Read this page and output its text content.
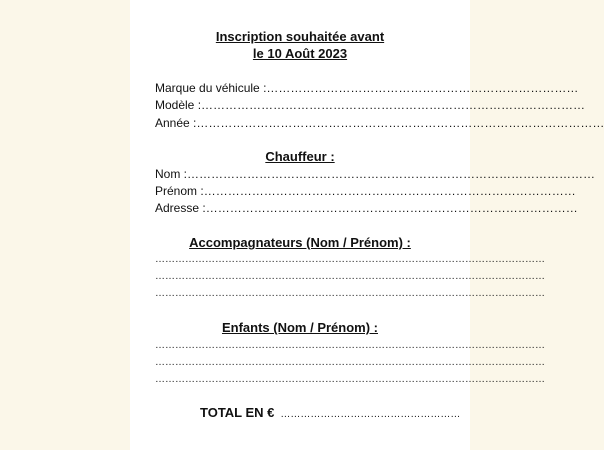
Inscription souhaitée avant
le 10 Août 2023
Marque du véhicule :……………………………………………………………………
Modèle :……………………………………………………………………………………
Année :…………………………………………………………………………………………
Chauffeur :
Nom :…………………………………………………………………………………………
Prénom :…………………………………………………………………………………
Adresse :…………………………………………………………………………………
Accompagnateurs (Nom / Prénom) :
………………………………………………………………………………………………………
………………………………………………………………………………………………………
………………………………………………………………………………………………………
Enfants (Nom / Prénom) :
………………………………………………………………………………………………………
………………………………………………………………………………………………………
………………………………………………………………………………………………………
TOTAL EN € ………………………………………………
